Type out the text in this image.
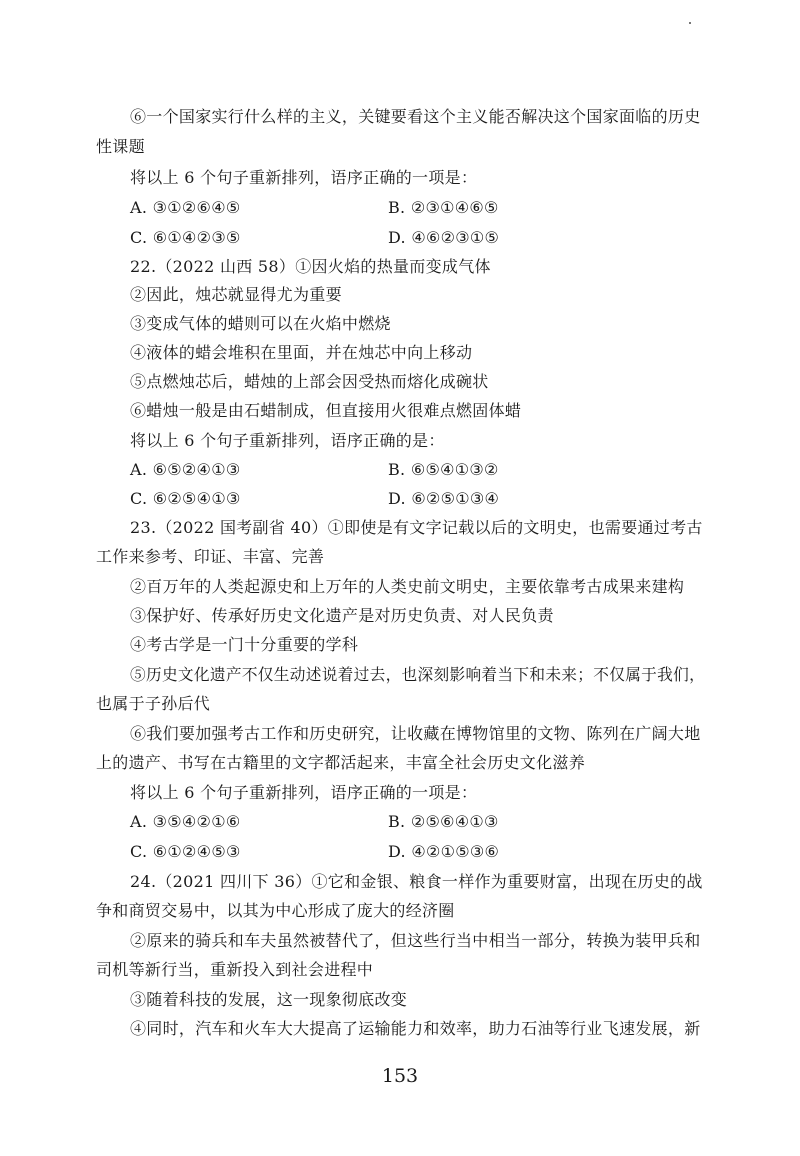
⑥一个国家实行什么样的主义，关键要看这个主义能否解决这个国家面临的历史
性课题
将以上 6 个句子重新排列，语序正确的一项是：
A. ③①②⑥④⑤	B. ②③①④⑥⑤
C. ⑥①④②③⑤	D. ④⑥②③①⑤
22.（2022 山西 58）①因火焰的热量而变成气体
②因此，烛芯就显得尤为重要
③变成气体的蜡则可以在火焰中燃烧
④液体的蜡会堆积在里面，并在烛芯中向上移动
⑤点燃烛芯后，蜡烛的上部会因受热而熔化成碗状
⑥蜡烛一般是由石蜡制成，但直接用火很难点燃固体蜡
将以上 6 个句子重新排列，语序正确的是：
A. ⑥⑤②④①③	B. ⑥⑤④①③②
C. ⑥②⑤④①③	D. ⑥②⑤①③④
23.（2022 国考副省 40）①即使是有文字记载以后的文明史，也需要通过考古
工作来参考、印证、丰富、完善
②百万年的人类起源史和上万年的人类史前文明史，主要依靠考古成果来建构
③保护好、传承好历史文化遗产是对历史负责、对人民负责
④考古学是一门十分重要的学科
⑤历史文化遗产不仅生动述说着过去，也深刻影响着当下和未来；不仅属于我们，
也属于子孙后代
⑥我们要加强考古工作和历史研究，让收藏在博物馆里的文物、陈列在广阔大地
上的遗产、书写在古籍里的文字都活起来，丰富全社会历史文化滋养
将以上 6 个句子重新排列，语序正确的一项是：
A. ③⑤④②①⑥	B. ②⑤⑥④①③
C. ⑥①②④⑤③	D. ④②①⑤③⑥
24.（2021 四川下 36）①它和金银、粮食一样作为重要财富，出现在历史的战
争和商贸交易中，以其为中心形成了庞大的经济圈
②原来的骑兵和车夫虽然被替代了，但这些行当中相当一部分，转换为装甲兵和
司机等新行当，重新投入到社会进程中
③随着科技的发展，这一现象彻底改变
④同时，汽车和火车大大提高了运输能力和效率，助力石油等行业飞速发展，新
153
